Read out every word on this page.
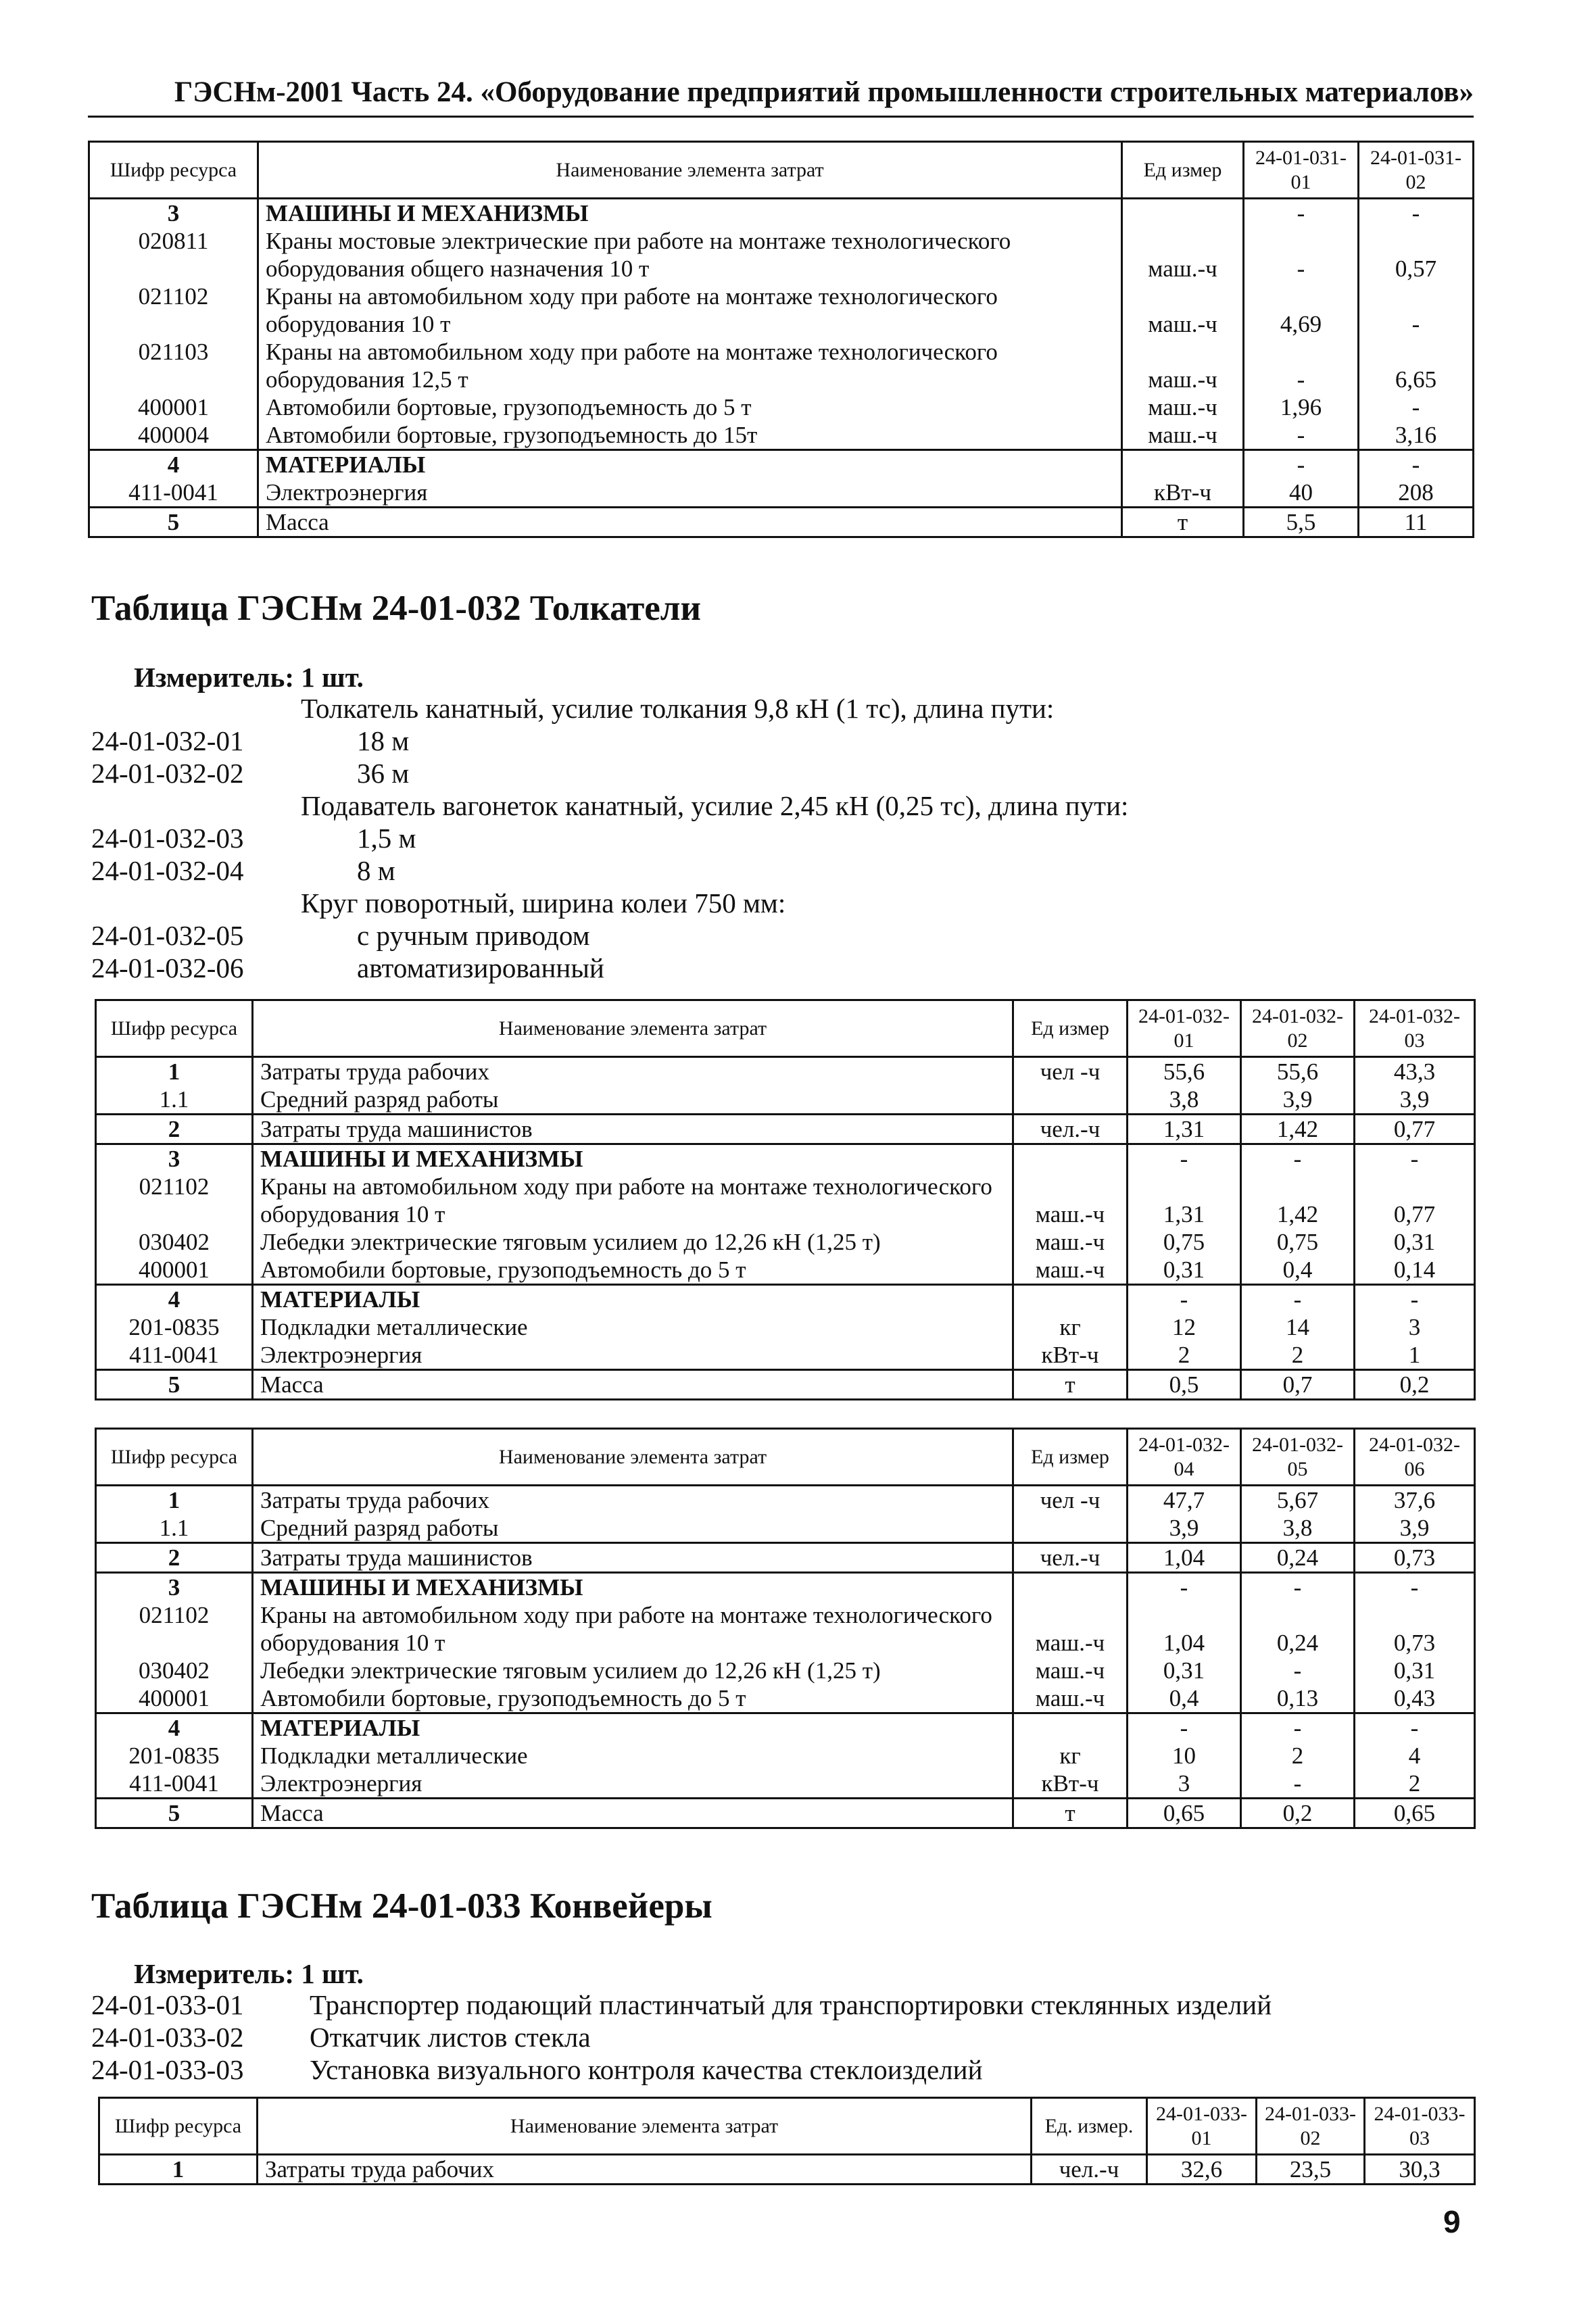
ГЭСНм-2001 Часть 24. «Оборудование предприятий промышленности строительных материалов»
Шифр ресурса	Наименование элемента затрат	Ед измер	24-01-031-01	24-01-031-02
3	МАШИНЫ И МЕХАНИЗМЫ		-	-
020811	Краны мостовые электрические при работе на монтаже технологического оборудования общего назначения 10 т	маш.-ч	-	0,57
021102	Краны на автомобильном ходу при работе на монтаже технологического оборудования 10 т	маш.-ч	4,69	-
021103	Краны на автомобильном ходу при работе на монтаже технологического оборудования 12,5 т	маш.-ч	-	6,65
400001	Автомобили бортовые, грузоподъемность до 5 т	маш.-ч	1,96	-
400004	Автомобили бортовые, грузоподъемность до 15т	маш.-ч	-	3,16
4	МАТЕРИАЛЫ		-	-
411-0041	Электроэнергия	кВт-ч	40	208
5	Масса	т	5,5	11
Таблица ГЭСНм 24-01-032 Толкатели
Измеритель: 1 шт.
Толкатель канатный, усилие толкания 9,8 кН (1 тс), длина пути:
24-01-032-01	18 м
24-01-032-02	36 м
Подаватель вагонеток канатный, усилие 2,45 кН (0,25 тс), длина пути:
24-01-032-03	1,5 м
24-01-032-04	8 м
Круг поворотный, ширина колеи 750 мм:
24-01-032-05	с ручным приводом
24-01-032-06	автоматизированный
Шифр ресурса	Наименование элемента затрат	Ед измер	24-01-032-01	24-01-032-02	24-01-032-03
1	Затраты труда рабочих	чел -ч	55,6	55,6	43,3
1.1	Средний разряд работы		3,8	3,9	3,9
2	Затраты труда машинистов	чел.-ч	1,31	1,42	0,77
3	МАШИНЫ И МЕХАНИЗМЫ		-	-	-
021102	Краны на автомобильном ходу при работе на монтаже технологического оборудования 10 т	маш.-ч	1,31	1,42	0,77
030402	Лебедки электрические тяговым усилием до 12,26 кН (1,25 т)	маш.-ч	0,75	0,75	0,31
400001	Автомобили бортовые, грузоподъемность до 5 т	маш.-ч	0,31	0,4	0,14
4	МАТЕРИАЛЫ		-	-	-
201-0835	Подкладки металлические	кг	12	14	3
411-0041	Электроэнергия	кВт-ч	2	2	1
5	Масса	т	0,5	0,7	0,2
Шифр ресурса	Наименование элемента затрат	Ед измер	24-01-032-04	24-01-032-05	24-01-032-06
1	Затраты труда рабочих	чел -ч	47,7	5,67	37,6
1.1	Средний разряд работы		3,9	3,8	3,9
2	Затраты труда машинистов	чел.-ч	1,04	0,24	0,73
3	МАШИНЫ И МЕХАНИЗМЫ		-	-	-
021102	Краны на автомобильном ходу при работе на монтаже технологического оборудования 10 т	маш.-ч	1,04	0,24	0,73
030402	Лебедки электрические тяговым усилием до 12,26 кН (1,25 т)	маш.-ч	0,31	-	0,31
400001	Автомобили бортовые, грузоподъемность до 5 т	маш.-ч	0,4	0,13	0,43
4	МАТЕРИАЛЫ		-	-	-
201-0835	Подкладки металлические	кг	10	2	4
411-0041	Электроэнергия	кВт-ч	3	-	2
5	Масса	т	0,65	0,2	0,65
Таблица ГЭСНм 24-01-033 Конвейеры
Измеритель: 1 шт.
24-01-033-01 Транспортер подающий пластинчатый для транспортировки стеклянных изделий
24-01-033-02 Откатчик листов стекла
24-01-033-03 Установка визуального контроля качества стеклоизделий
Шифр ресурса	Наименование элемента затрат	Ед. измер.	24-01-033-01	24-01-033-02	24-01-033-03
1	Затраты труда рабочих	чел.-ч	32,6	23,5	30,3
9
